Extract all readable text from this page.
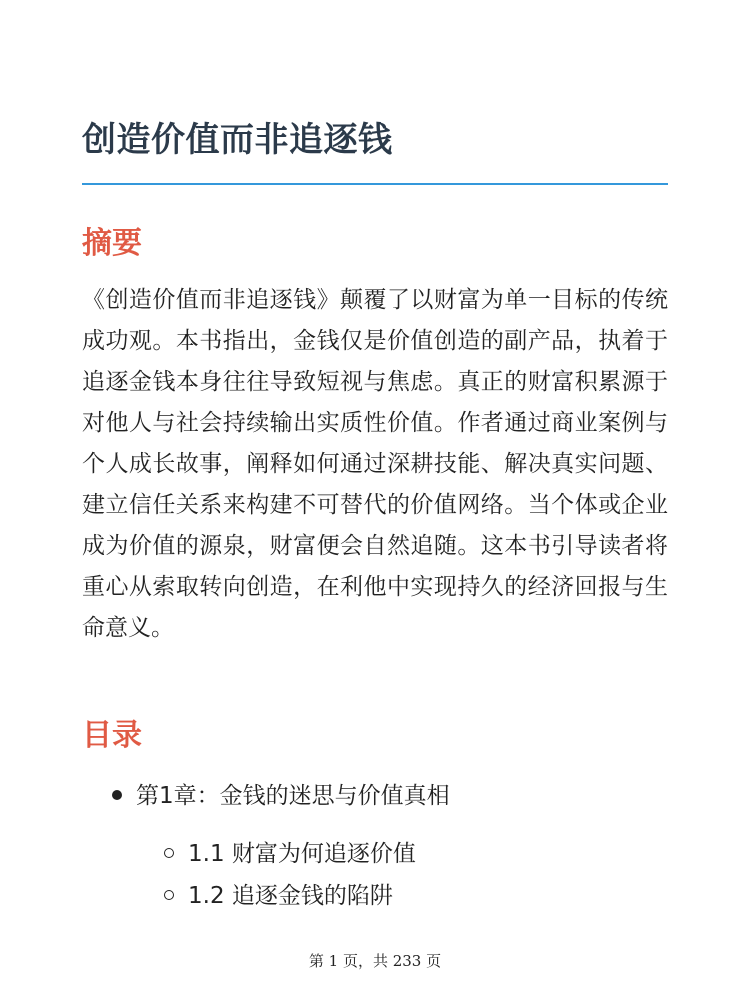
创造价值而非追逐钱
摘要

《创造价值而非追逐钱》颠覆了以财富为单一目标的传统成功观。本书指出，金钱仅是价值创造的副产品，执着于追逐金钱本身往往导致短视与焦虑。真正的财富积累源于对他人与社会持续输出实质性价值。作者通过商业案例与个人成长故事，阐释如何通过深耕技能、解决真实问题、建立信任关系来构建不可替代的价值网络。当个体或企业成为价值的源泉，财富便会自然追随。这本书引导读者将重心从索取转向创造，在利他中实现持久的经济回报与生命意义。

目录
第1章：金钱的迷思与价值真相
1.1 财富为何追逐价值
1.2 追逐金钱的陷阱
第 1 页，共 233 页
